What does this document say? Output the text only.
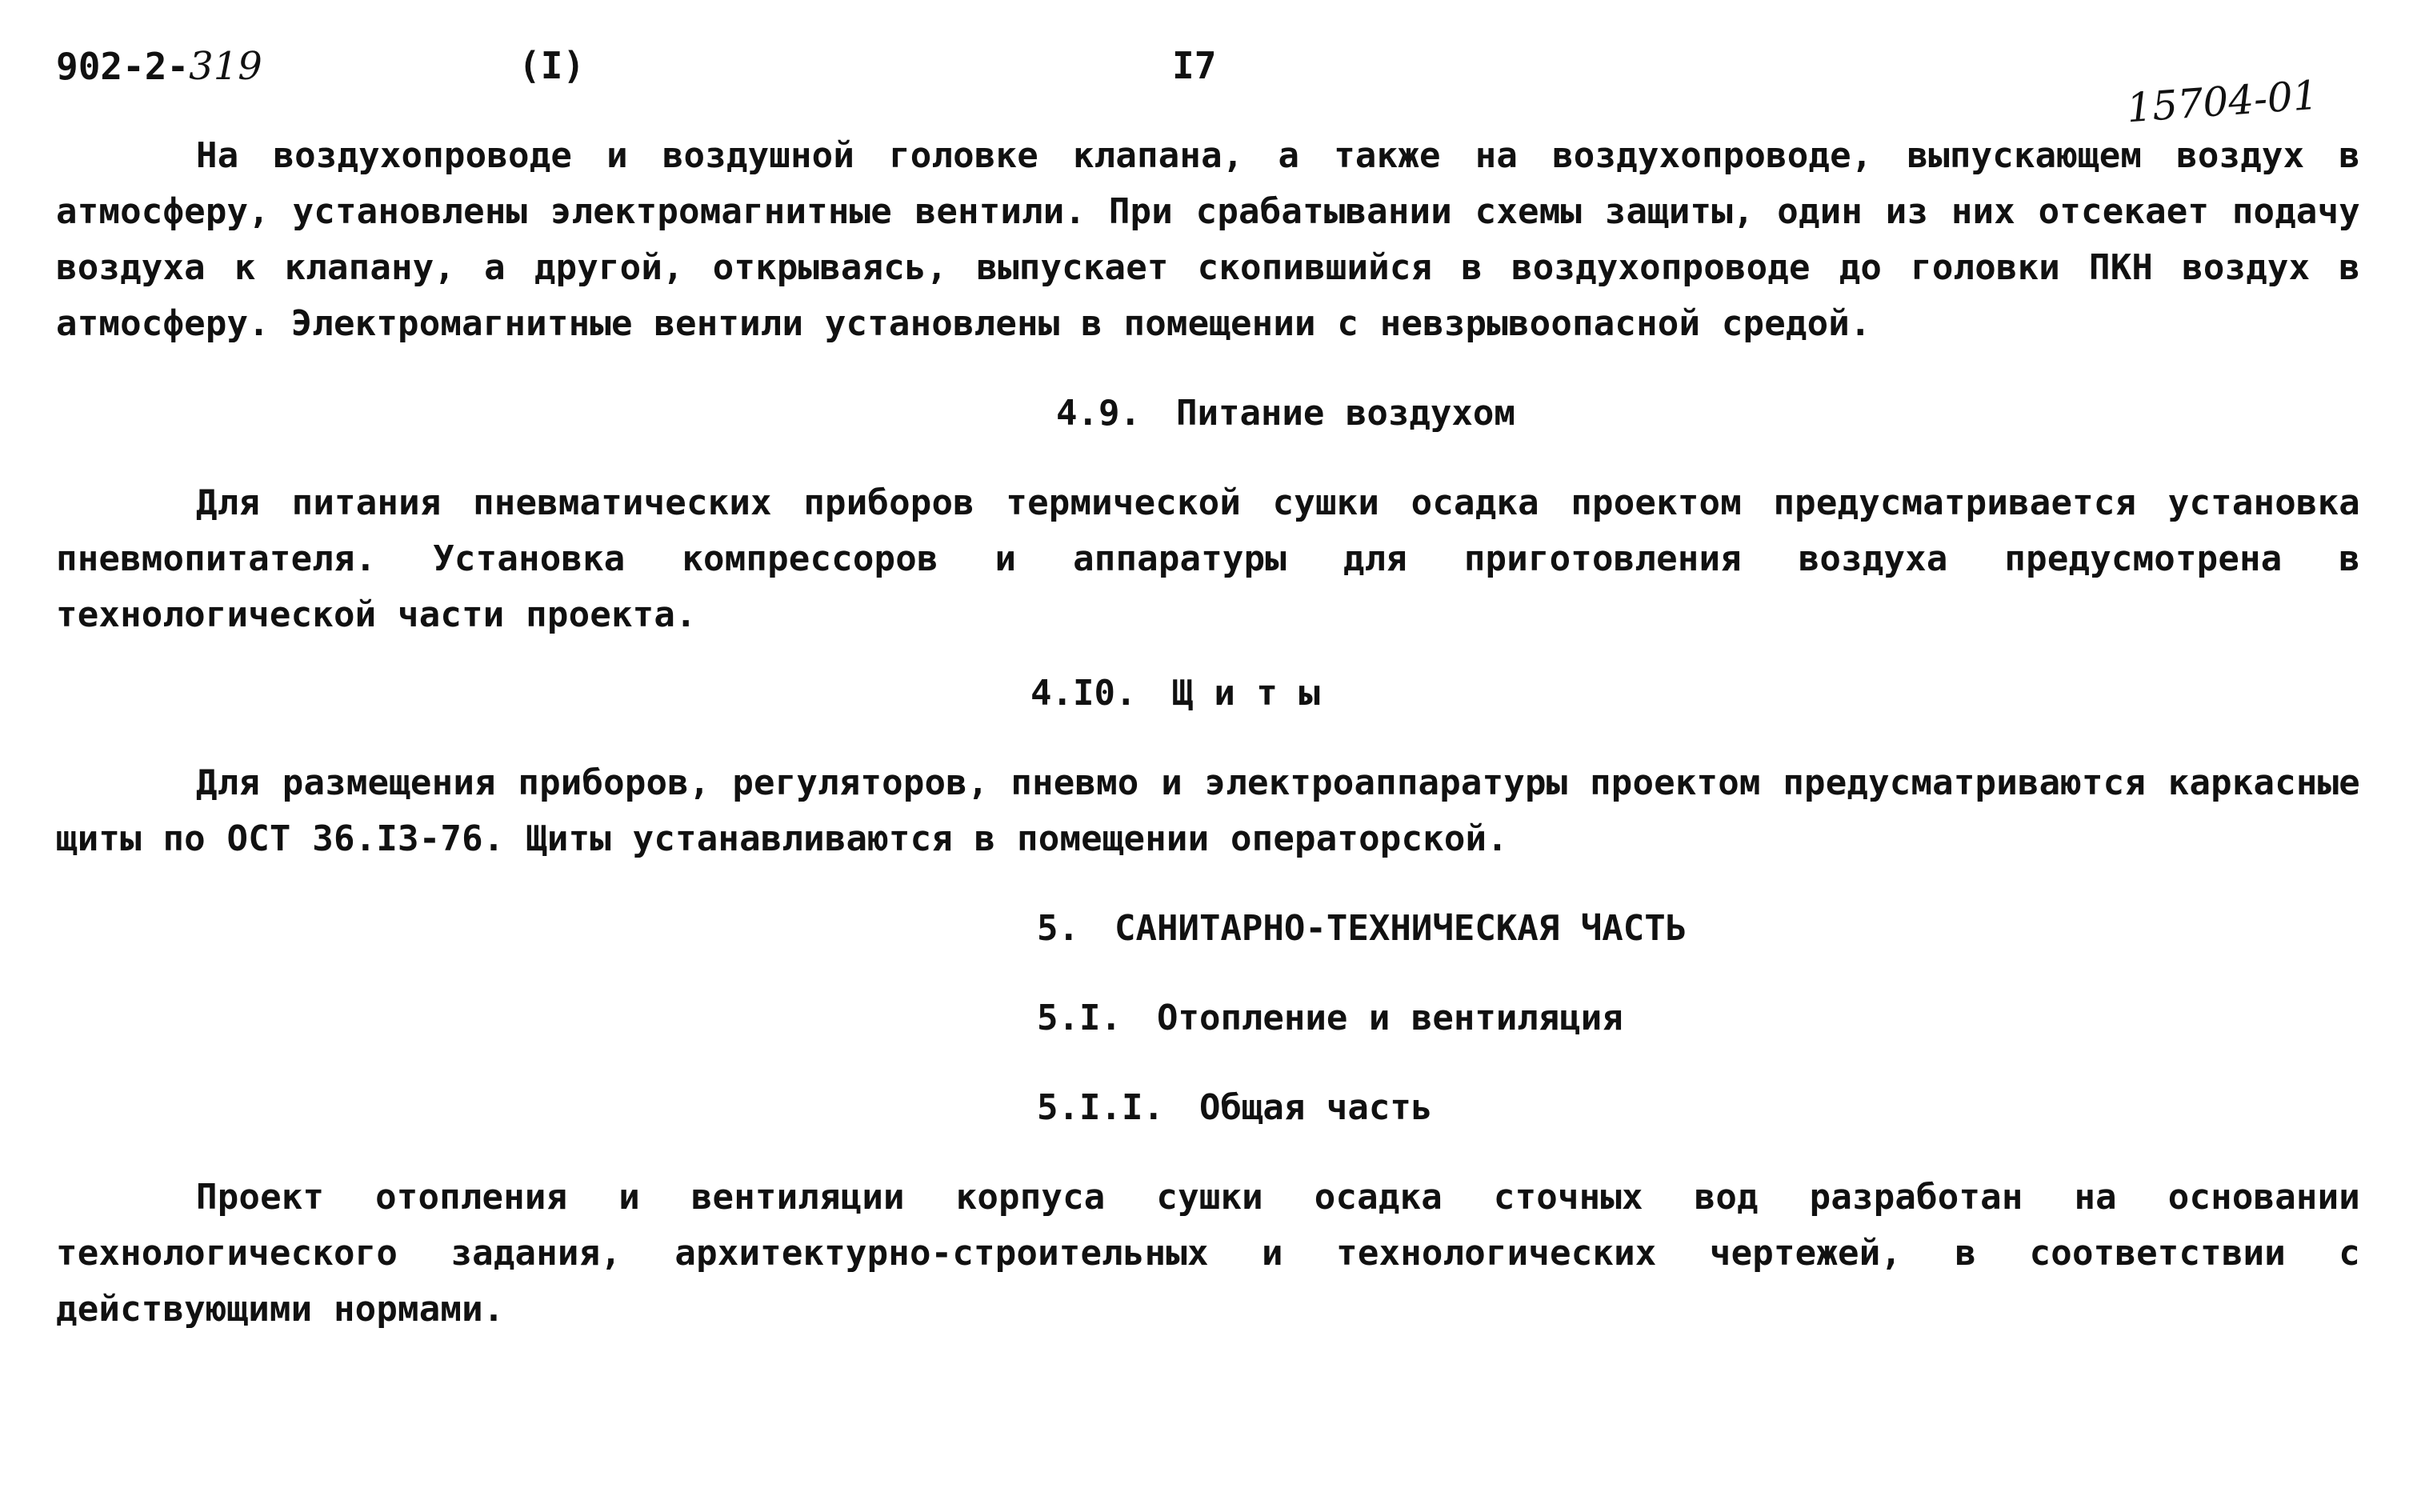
902-2-319	(I)	I7
15704-01

На воздухопроводе и воздушной головке клапана, а также на воздухопроводе, выпускающем воздух в атмосферу, установлены электромагнитные вентили. При срабатывании схемы защиты, один из них отсекает подачу воздуха к клапану, а другой, открываясь, выпускает скопившийся в воздухопроводе до головки ПКН воздух в атмосферу. Электромагнитные вентили установлены в помещении с невзрывоопасной средой.

4.9. Питание воздухом

Для питания пневматических приборов термической сушки осадка проектом предусматривается установка пневмопитателя. Установка компрессоров и аппаратуры для приготовления воздуха предусмотрена в технологической части проекта.

4.I0. Щ и т ы

Для размещения приборов, регуляторов, пневмо и электроаппаратуры проектом предусматриваются каркасные щиты по ОСТ 36.I3-76. Щиты устанавливаются в помещении операторской.

5. САНИТАРНО-ТЕХНИЧЕСКАЯ ЧАСТЬ
5.I. Отопление и вентиляция
5.I.I. Общая часть

Проект отопления и вентиляции корпуса сушки осадка сточных вод разработан на основании технологического задания, архитектурно-строительных и технологических чертежей, в соответствии с действующими нормами.
